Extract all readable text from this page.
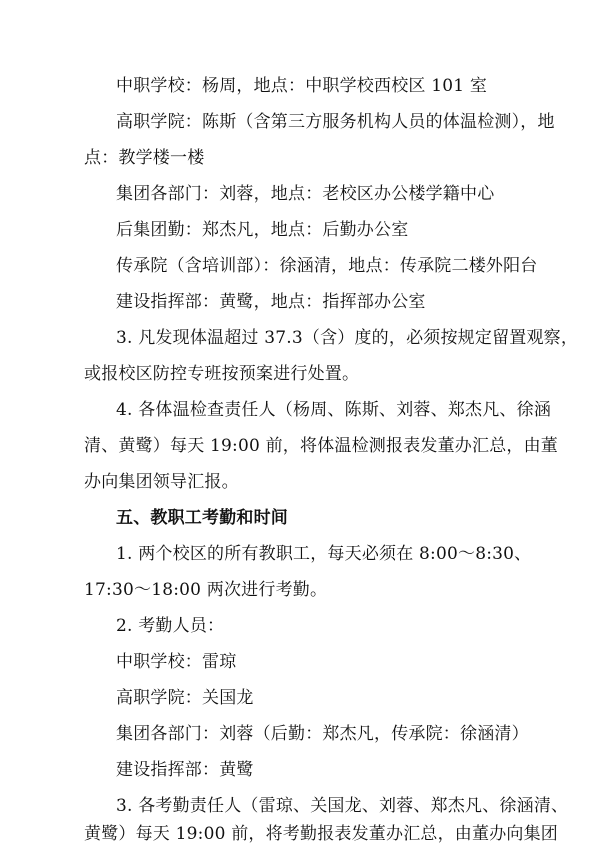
中职学校：杨周，地点：中职学校西校区 101 室
高职学院：陈斯（含第三方服务机构人员的体温检测），地
点：教学楼一楼
集团各部门：刘蓉，地点：老校区办公楼学籍中心
后集团勤：郑杰凡，地点：后勤办公室
传承院（含培训部）：徐涵清，地点：传承院二楼外阳台
建设指挥部：黄鹭，地点：指挥部办公室
3. 凡发现体温超过 37.3（含）度的，必须按规定留置观察，
或报校区防控专班按预案进行处置。
4. 各体温检查责任人（杨周、陈斯、刘蓉、郑杰凡、徐涵
清、黄鹭）每天 19:00 前，将体温检测报表发董办汇总，由董
办向集团领导汇报。
五、教职工考勤和时间
1. 两个校区的所有教职工，每天必须在 8:00～8:30、
17:30～18:00 两次进行考勤。
2. 考勤人员：
中职学校：雷琼
高职学院：关国龙
集团各部门：刘蓉（后勤：郑杰凡，传承院：徐涵清）
建设指挥部：黄鹭
3. 各考勤责任人（雷琼、关国龙、刘蓉、郑杰凡、徐涵清、
黄鹭）每天 19:00 前，将考勤报表发董办汇总，由董办向集团
